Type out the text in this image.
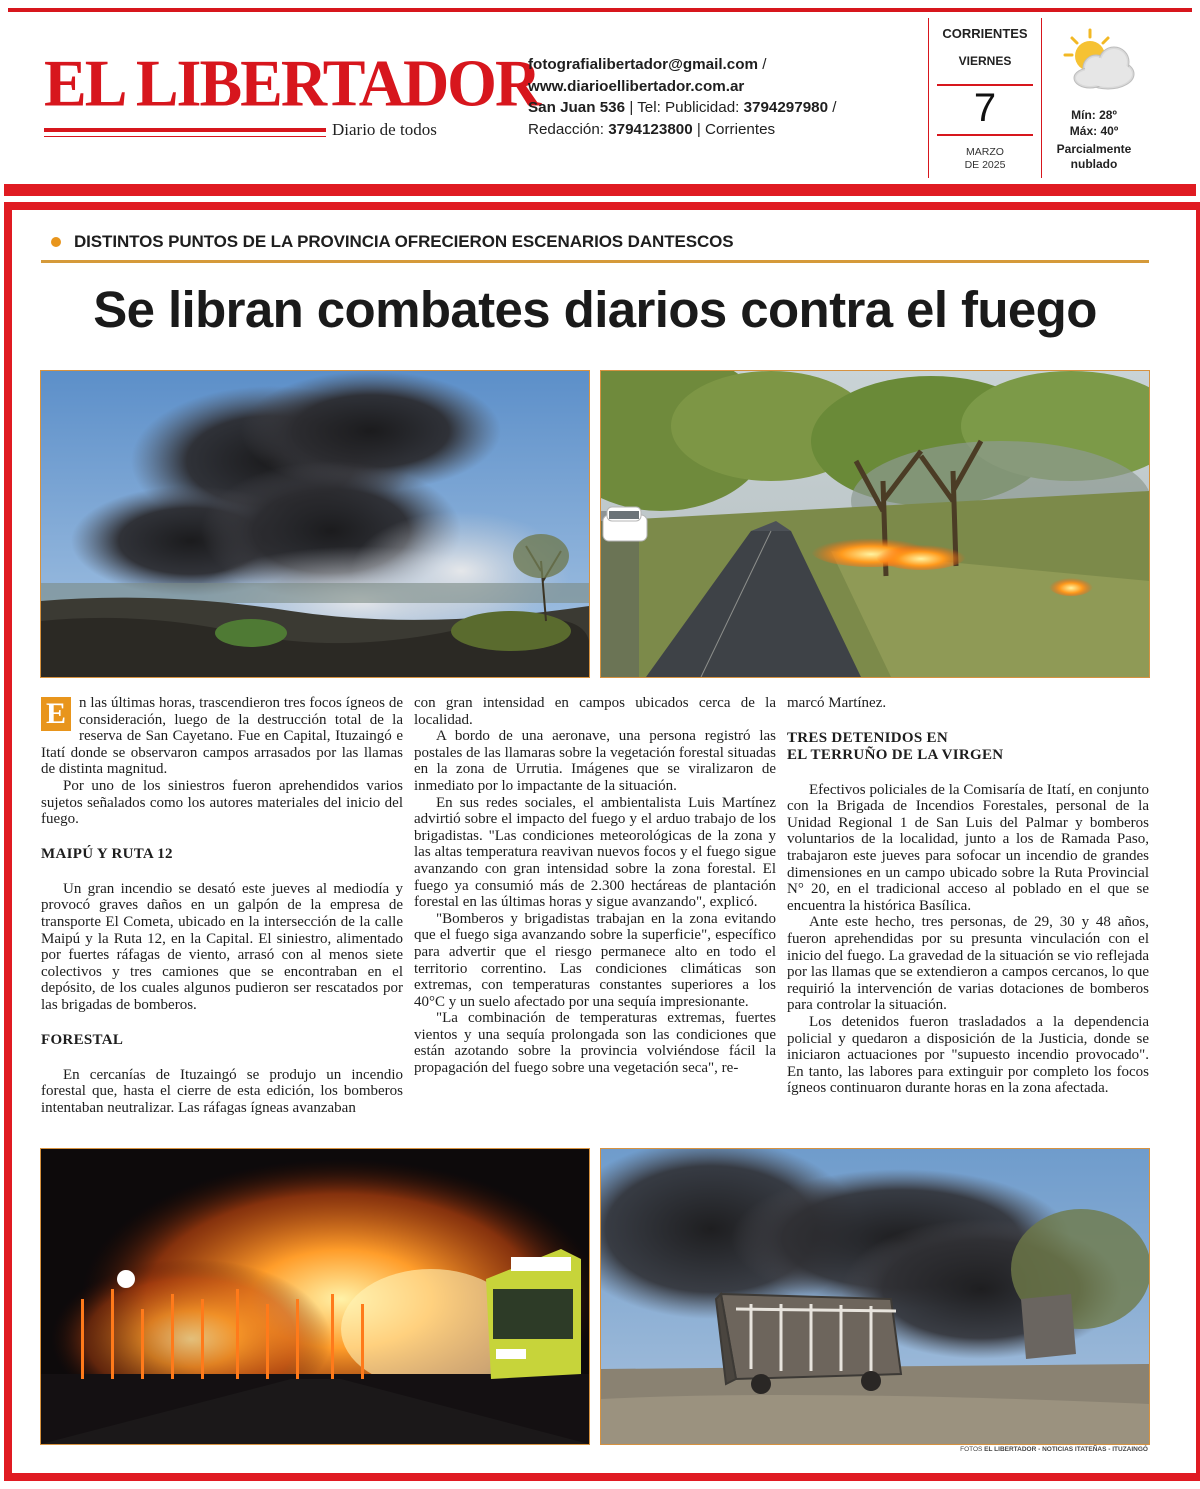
EL LIBERTADOR
Diario de todos
fotografialibertador@gmail.com /
www.diarioellibertador.com.ar
San Juan 536 | Tel: Publicidad: 3794297980 /
Redacción: 3794123800 | Corrientes
CORRIENTES
VIERNES
7
MARZO
DE 2025
Mín: 28º
Máx: 40º
Parcialmente
nublado
DISTINTOS PUNTOS DE LA PROVINCIA OFRECIERON ESCENARIOS DANTESCOS
Se libran combates diarios contra el fuego
E n las últimas horas, trascendieron tres focos ígneos de consideración, luego de la destrucción total de la reserva de San Cayetano. Fue en Capital, Ituzaingó e Itatí donde se observaron campos arrasados por las llamas de distinta magnitud.

Por uno de los siniestros fueron aprehendidos varios sujetos señalados como los autores materiales del inicio del fuego.

MAIPÚ Y RUTA 12

Un gran incendio se desató este jueves al mediodía y provocó graves daños en un galpón de la empresa de transporte El Cometa, ubicado en la intersección de la calle Maipú y la Ruta 12, en la Capital. El siniestro, alimentado por fuertes ráfagas de viento, arrasó con al menos siete colectivos y tres camiones que se encontraban en el depósito, de los cuales algunos pudieron ser rescatados por las brigadas de bomberos.

FORESTAL

En cercanías de Ituzaingó se produjo un incendio forestal que, hasta el cierre de esta edición, los bomberos intentaban neutralizar. Las ráfagas ígneas avanzaban

con gran intensidad en campos ubicados cerca de la localidad.

A bordo de una aeronave, una persona registró las postales de las llamaras sobre la vegetación forestal situadas en la zona de Urrutia. Imágenes que se viralizaron de inmediato por lo impactante de la situación.

En sus redes sociales, el ambientalista Luis Martínez advirtió sobre el impacto del fuego y el arduo trabajo de los brigadistas. "Las condiciones meteorológicas de la zona y las altas temperatura reavivan nuevos focos y el fuego sigue avanzando con gran intensidad sobre la zona forestal. El fuego ya consumió más de 2.300 hectáreas de plantación forestal en las últimas horas y sigue avanzando", explicó.

"Bomberos y brigadistas trabajan en la zona evitando que el fuego siga avanzando sobre la superficie", específico para advertir que el riesgo permanece alto en todo el territorio correntino. Las condiciones climáticas son extremas, con temperaturas constantes superiores a los 40°C y un suelo afectado por una sequía impresionante.

"La combinación de temperaturas extremas, fuertes vientos y una sequía prolongada son las condiciones que están azotando sobre la provincia volviéndose fácil la propagación del fuego sobre una vegetación seca", re-

marcó Martínez.

TRES DETENIDOS EN
EL TERRUÑO DE LA VIRGEN

Efectivos policiales de la Comisaría de Itatí, en conjunto con la Brigada de Incendios Forestales, personal de la Unidad Regional 1 de San Luis del Palmar y bomberos voluntarios de la localidad, junto a los de Ramada Paso, trabajaron este jueves para sofocar un incendio de grandes dimensiones en un campo ubicado sobre la Ruta Provincial N° 20, en el tradicional acceso al poblado en el que se encuentra la histórica Basílica.

Ante este hecho, tres personas, de 29, 30 y 48 años, fueron aprehendidas por su presunta vinculación con el inicio del fuego. La gravedad de la situación se vio reflejada por las llamas que se extendieron a campos cercanos, lo que requirió la intervención de varias dotaciones de bomberos para controlar la situación.

Los detenidos fueron trasladados a la dependencia policial y quedaron a disposición de la Justicia, donde se iniciaron actuaciones por "supuesto incendio provocado". En tanto, las labores para extinguir por completo los focos ígneos continuaron durante horas en la zona afectada.

FOTOS EL LIBERTADOR - NOTICIAS ITATEÑAS - ITUZAINGÓ
